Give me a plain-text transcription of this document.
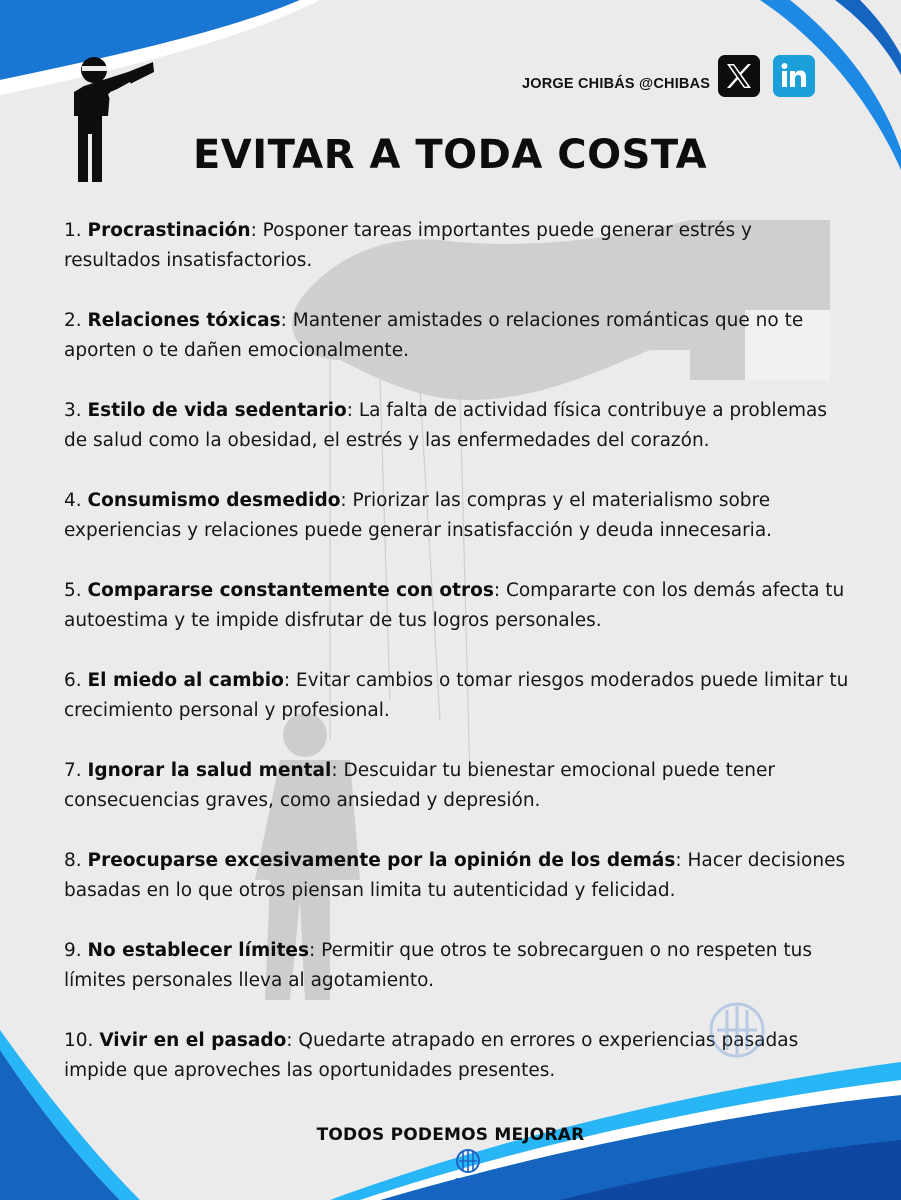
JORGE CHIBÁS @CHIBAS
EVITAR A TODA COSTA
1. Procrastinación: Posponer tareas importantes puede generar estrés y resultados insatisfactorios.
2. Relaciones tóxicas: Mantener amistades o relaciones románticas que no te aporten o te dañen emocionalmente.
3. Estilo de vida sedentario: La falta de actividad física contribuye a problemas de salud como la obesidad, el estrés y las enfermedades del corazón.
4. Consumismo desmedido: Priorizar las compras y el materialismo sobre experiencias y relaciones puede generar insatisfacción y deuda innecesaria.
5. Compararse constantemente con otros: Compararte con los demás afecta tu autoestima y te impide disfrutar de tus logros personales.
6. El miedo al cambio: Evitar cambios o tomar riesgos moderados puede limitar tu crecimiento personal y profesional.
7. Ignorar la salud mental: Descuidar tu bienestar emocional puede tener consecuencias graves, como ansiedad y depresión.
8. Preocuparse excesivamente por la opinión de los demás: Hacer decisiones basadas en lo que otros piensan limita tu autenticidad y felicidad.
9. No establecer límites: Permitir que otros te sobrecarguen o no respeten tus límites personales lleva al agotamiento.
10. Vivir en el pasado: Quedarte atrapado en errores o experiencias pasadas impide que aproveches las oportunidades presentes.
TODOS PODEMOS MEJORAR
CHIBAS
